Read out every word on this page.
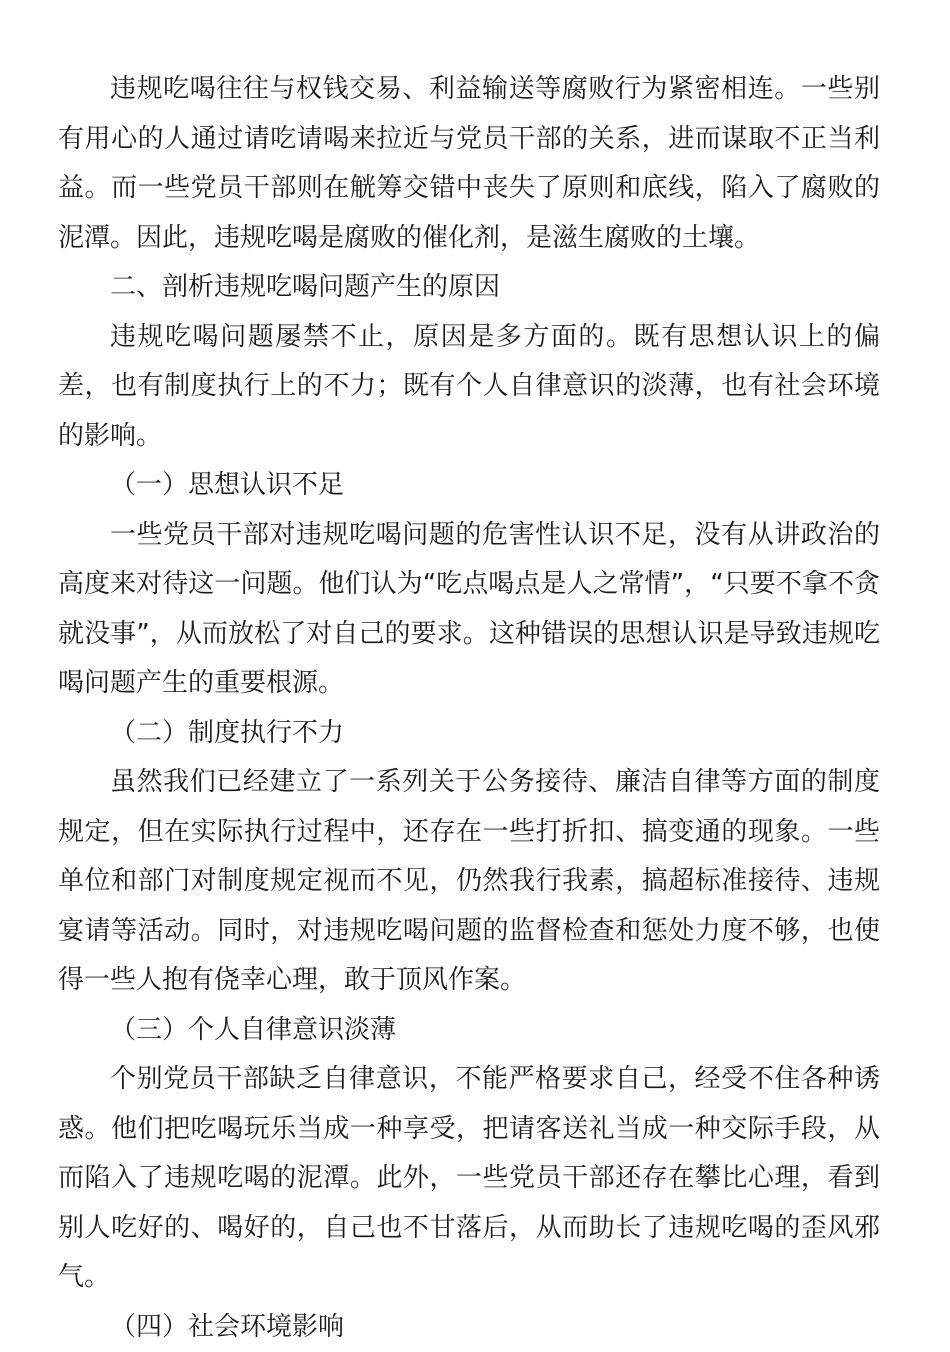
违规吃喝往往与权钱交易、利益输送等腐败行为紧密相连。一些别有用心的人通过请吃请喝来拉近与党员干部的关系，进而谋取不正当利益。而一些党员干部则在觥筹交错中丧失了原则和底线，陷入了腐败的泥潭。因此，违规吃喝是腐败的催化剂，是滋生腐败的土壤。

二、剖析违规吃喝问题产生的原因

违规吃喝问题屡禁不止，原因是多方面的。既有思想认识上的偏差，也有制度执行上的不力；既有个人自律意识的淡薄，也有社会环境的影响。

（一）思想认识不足

一些党员干部对违规吃喝问题的危害性认识不足，没有从讲政治的高度来对待这一问题。他们认为“吃点喝点是人之常情”，“只要不拿不贪就没事”，从而放松了对自己的要求。这种错误的思想认识是导致违规吃喝问题产生的重要根源。

（二）制度执行不力

虽然我们已经建立了一系列关于公务接待、廉洁自律等方面的制度规定，但在实际执行过程中，还存在一些打折扣、搞变通的现象。一些单位和部门对制度规定视而不见，仍然我行我素，搞超标准接待、违规宴请等活动。同时，对违规吃喝问题的监督检查和惩处力度不够，也使得一些人抱有侥幸心理，敢于顶风作案。

（三）个人自律意识淡薄

个别党员干部缺乏自律意识，不能严格要求自己，经受不住各种诱惑。他们把吃喝玩乐当成一种享受，把请客送礼当成一种交际手段，从而陷入了违规吃喝的泥潭。此外，一些党员干部还存在攀比心理，看到别人吃好的、喝好的，自己也不甘落后，从而助长了违规吃喝的歪风邪气。

（四）社会环境影响
